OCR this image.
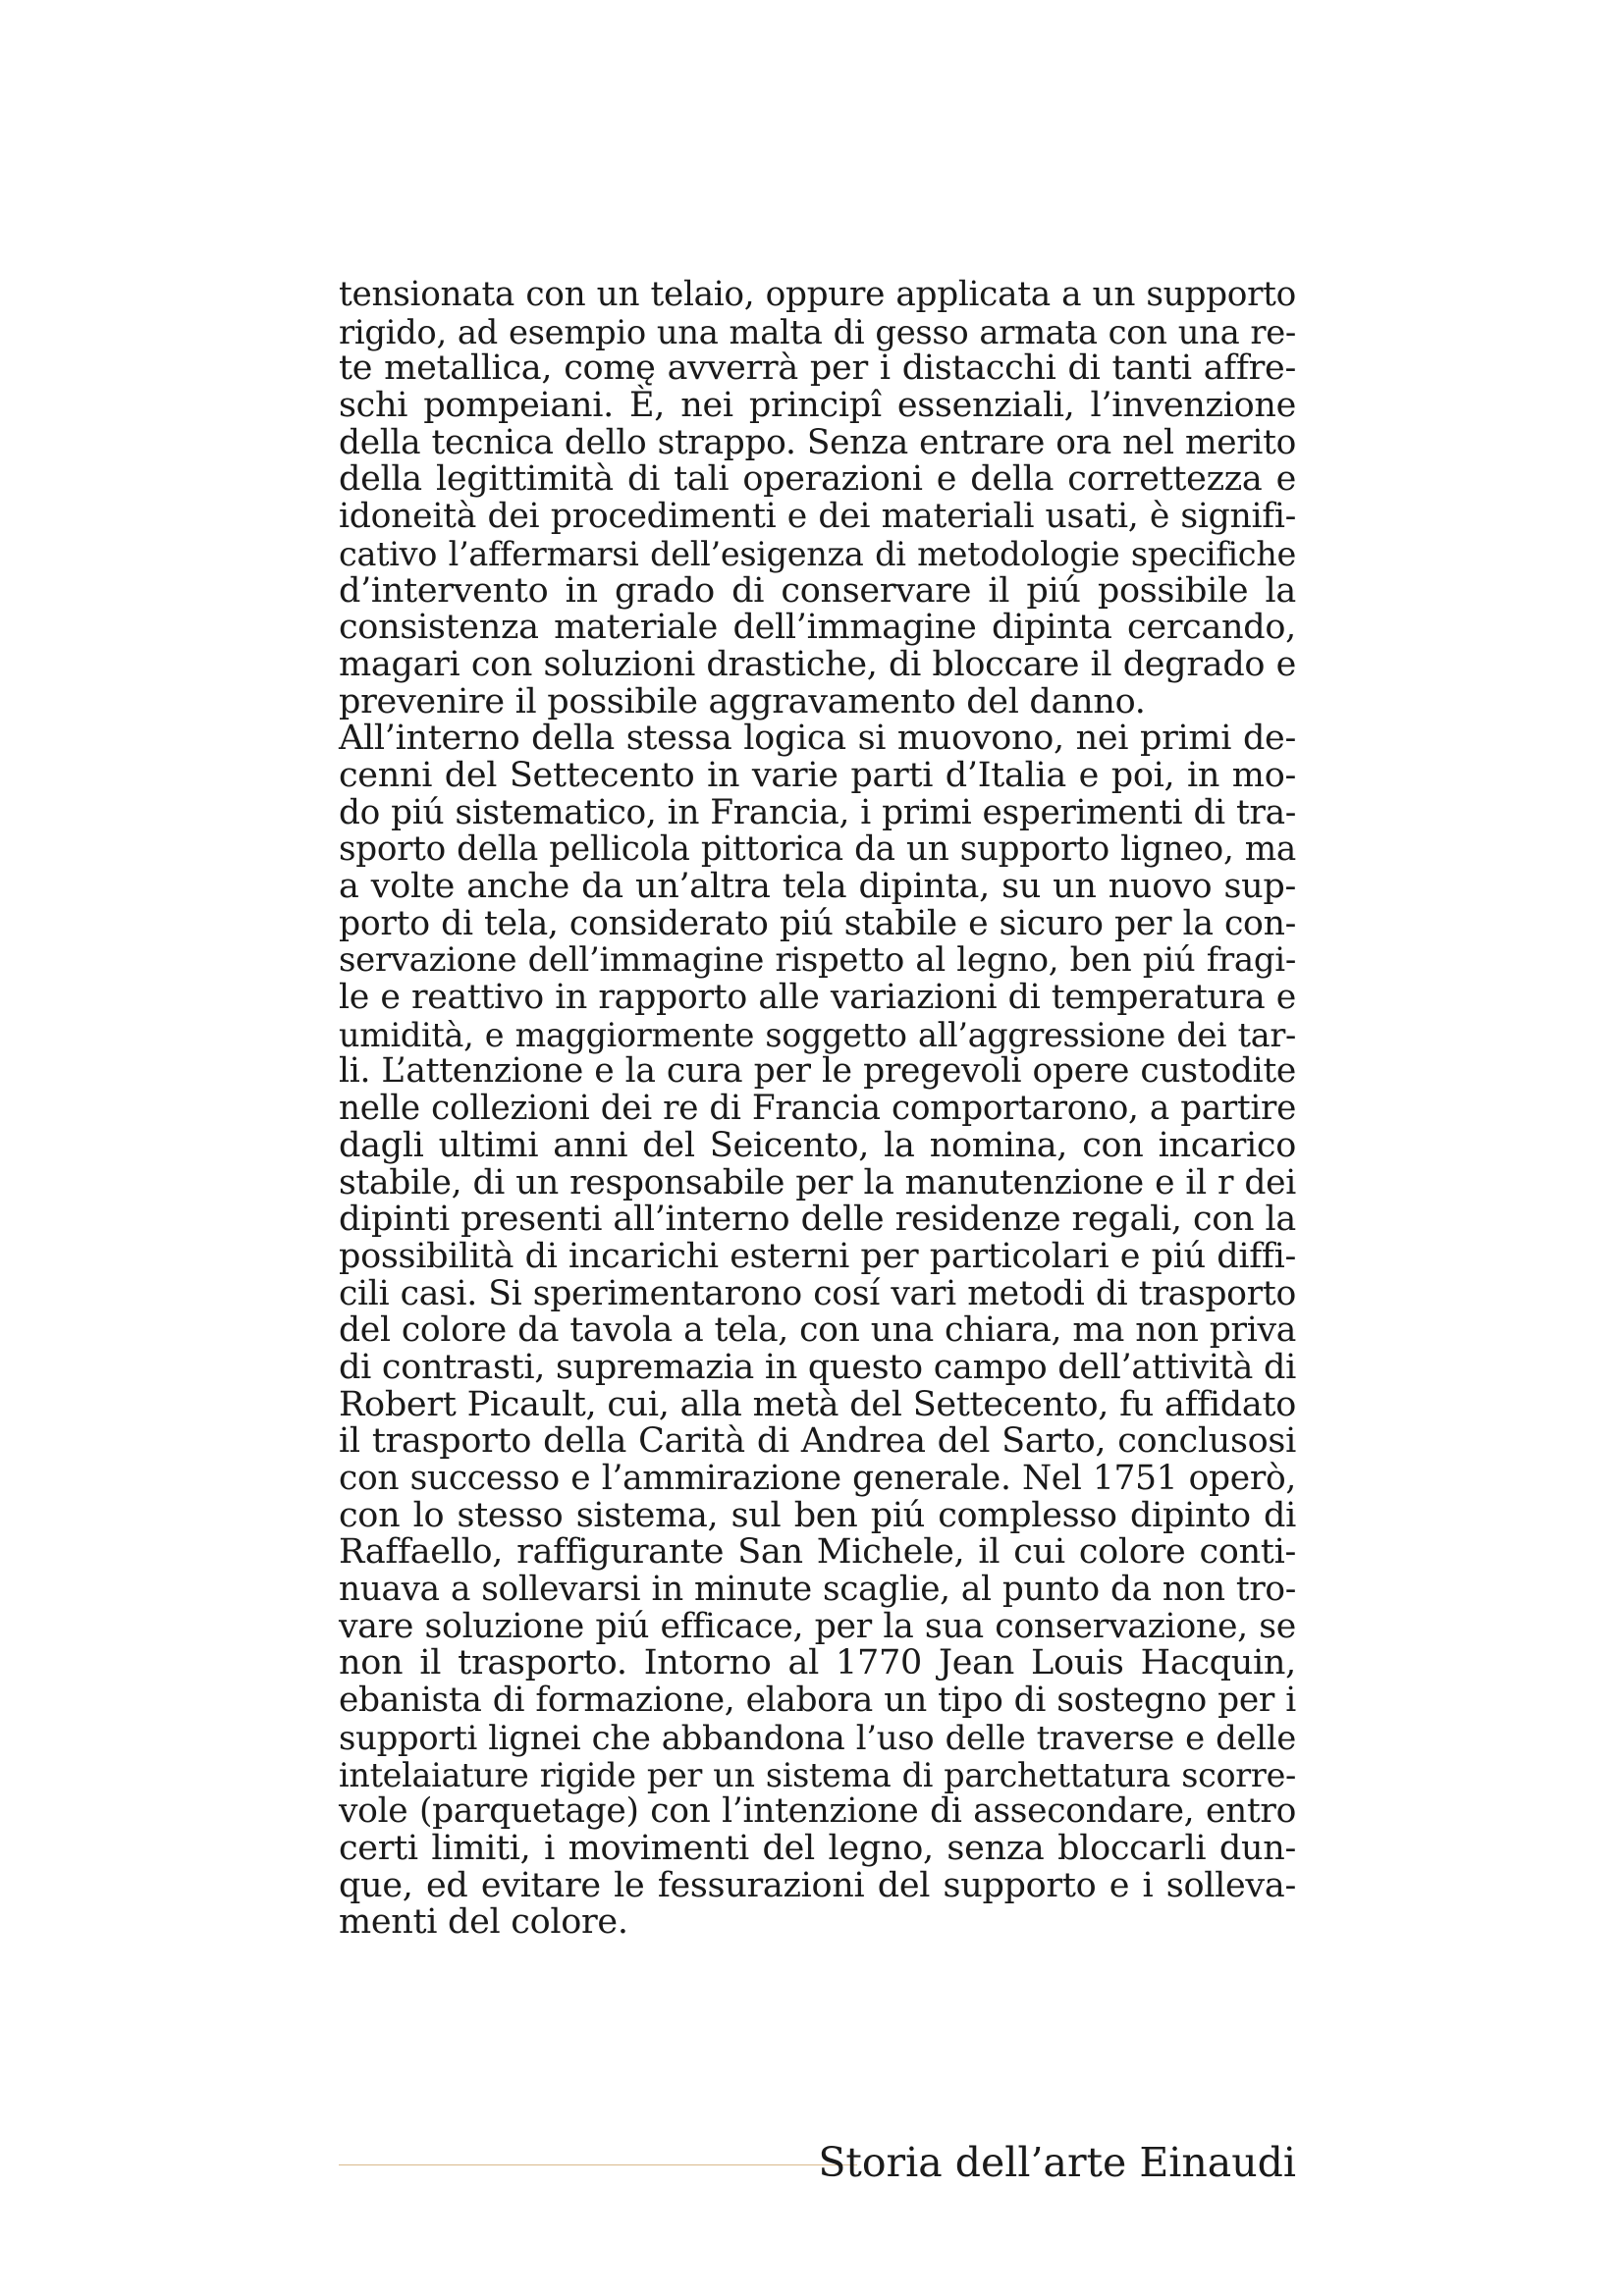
tensionata con un telaio, oppure applicata a un supporto
rigido, ad esempio una malta di gesso armata con una re-
te metallica, comę avverrà per i distacchi di tanti affre-
schi pompeiani. È, nei principî essenziali, l’invenzione
della tecnica dello strappo. Senza entrare ora nel merito
della legittimità di tali operazioni e della correttezza e
idoneità dei procedimenti e dei materiali usati, è signifi-
cativo l’affermarsi dell’esigenza di metodologie specifiche
d’intervento in grado di conservare il piú possibile la
consistenza materiale dell’immagine dipinta cercando,
magari con soluzioni drastiche, di bloccare il degrado e
prevenire il possibile aggravamento del danno.
All’interno della stessa logica si muovono, nei primi de-
cenni del Settecento in varie parti d’Italia e poi, in mo-
do piú sistematico, in Francia, i primi esperimenti di tra-
sporto della pellicola pittorica da un supporto ligneo, ma
a volte anche da un’altra tela dipinta, su un nuovo sup-
porto di tela, considerato piú stabile e sicuro per la con-
servazione dell’immagine rispetto al legno, ben piú fragi-
le e reattivo in rapporto alle variazioni di temperatura e
umidità, e maggiormente soggetto all’aggressione dei tar-
li. L’attenzione e la cura per le pregevoli opere custodite
nelle collezioni dei re di Francia comportarono, a partire
dagli ultimi anni del Seicento, la nomina, con incarico
stabile, di un responsabile per la manutenzione e il r dei
dipinti presenti all’interno delle residenze regali, con la
possibilità di incarichi esterni per particolari e piú diffi-
cili casi. Si sperimentarono cosí vari metodi di trasporto
del colore da tavola a tela, con una chiara, ma non priva
di contrasti, supremazia in questo campo dell’attività di
Robert Picault, cui, alla metà del Settecento, fu affidato
il trasporto della Carità di Andrea del Sarto, conclusosi
con successo e l’ammirazione generale. Nel 1751 operò,
con lo stesso sistema, sul ben piú complesso dipinto di
Raffaello, raffigurante San Michele, il cui colore conti-
nuava a sollevarsi in minute scaglie, al punto da non tro-
vare soluzione piú efficace, per la sua conservazione, se
non il trasporto. Intorno al 1770 Jean Louis Hacquin,
ebanista di formazione, elabora un tipo di sostegno per i
supporti lignei che abbandona l’uso delle traverse e delle
intelaiature rigide per un sistema di parchettatura scorre-
vole (parquetage) con l’intenzione di assecondare, entro
certi limiti, i movimenti del legno, senza bloccarli dun-
que, ed evitare le fessurazioni del supporto e i solleva-
menti del colore.
Storia dell’arte Einaudi
